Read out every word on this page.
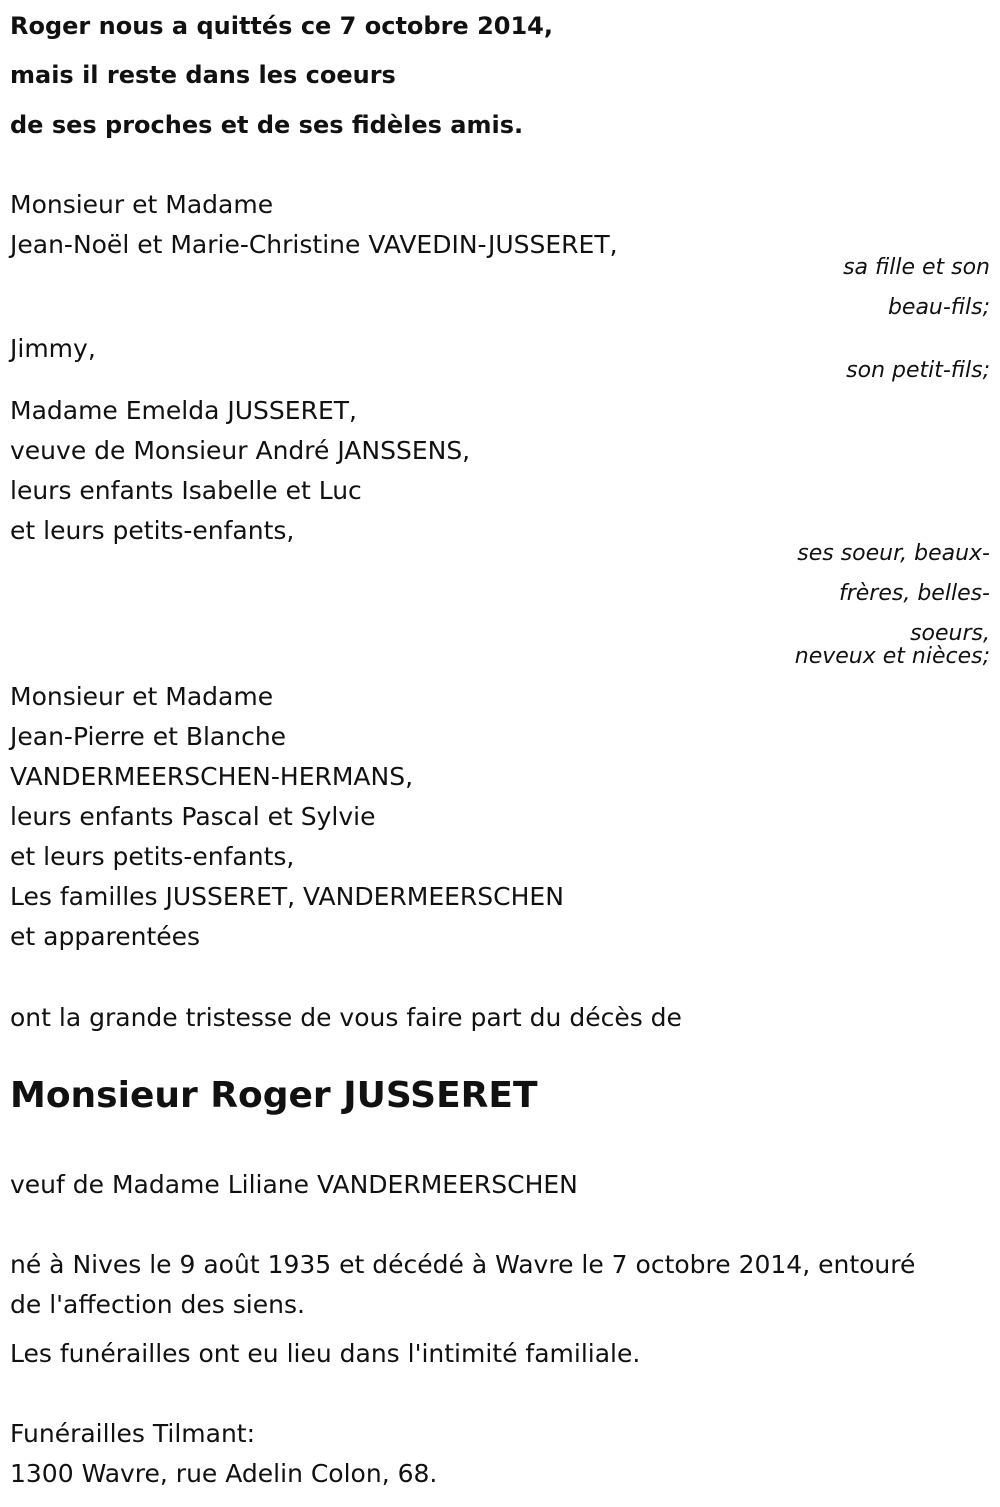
Roger nous a quittés ce 7 octobre 2014,
mais il reste dans les coeurs
de ses proches et de ses fidèles amis.
Monsieur et Madame
Jean-Noël et Marie-Christine VAVEDIN-JUSSERET,
sa fille et son
beau-fils;
Jimmy,
son petit-fils;
Madame Emelda JUSSERET,
veuve de Monsieur André JANSSENS,
leurs enfants Isabelle et Luc
et leurs petits-enfants,
ses soeur, beaux-
frères, belles-
soeurs,
neveux et nièces;
Monsieur et Madame
Jean-Pierre et Blanche
VANDERMEERSCHEN-HERMANS,
leurs enfants Pascal et Sylvie
et leurs petits-enfants,
Les familles JUSSERET, VANDERMEERSCHEN
et apparentées
ont la grande tristesse de vous faire part du décès de
Monsieur Roger JUSSERET
veuf de Madame Liliane VANDERMEERSCHEN
né à Nives le 9 août 1935 et décédé à Wavre le 7 octobre 2014, entouré
de l'affection des siens.
Les funérailles ont eu lieu dans l'intimité familiale.
Funérailles Tilmant:
1300 Wavre, rue Adelin Colon, 68.
